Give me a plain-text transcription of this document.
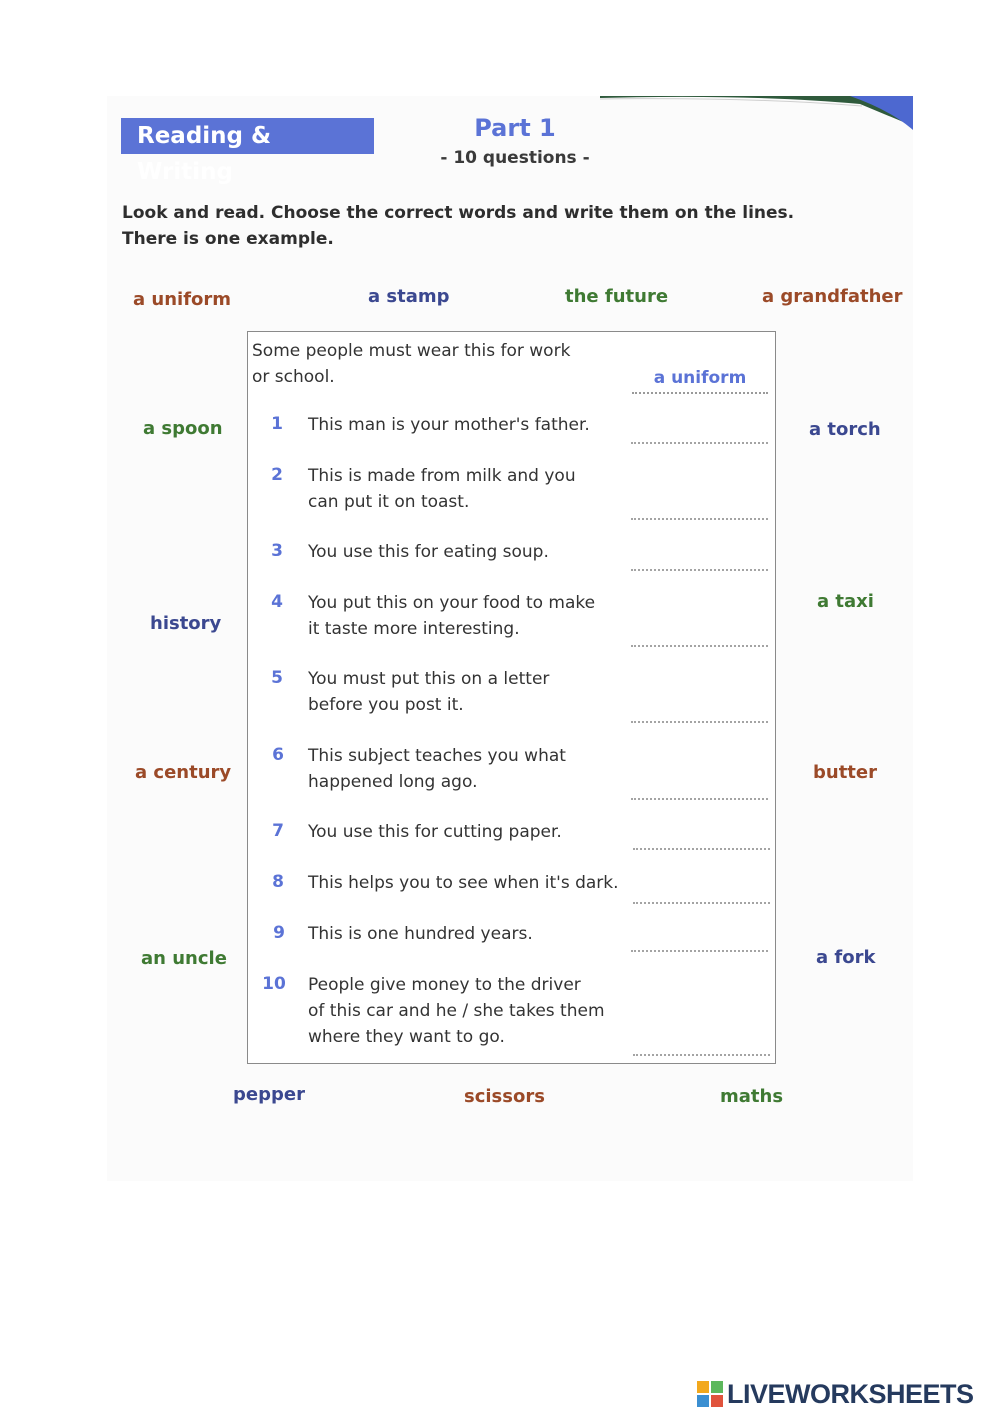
Reading & Writing
Part 1
- 10 questions -
Look and read. Choose the correct words and write them on the lines.
There is one example.
a uniform	a stamp	the future	a grandfather
a spoon
history
a century
an uncle
a torch
a taxi
butter
a fork
pepper	scissors	maths
Some people must wear this for work
or school.	a uniform
1	This man is your mother's father.
2	This is made from milk and you
can put it on toast.
3	You use this for eating soup.
4	You put this on your food to make
it taste more interesting.
5	You must put this on a letter
before you post it.
6	This subject teaches you what
happened long ago.
7	You use this for cutting paper.
8	This helps you to see when it's dark.
9	This is one hundred years.
10 People give money to the driver
of this car and he / she takes them
where they want to go.
LIVEWORKSHEETS
